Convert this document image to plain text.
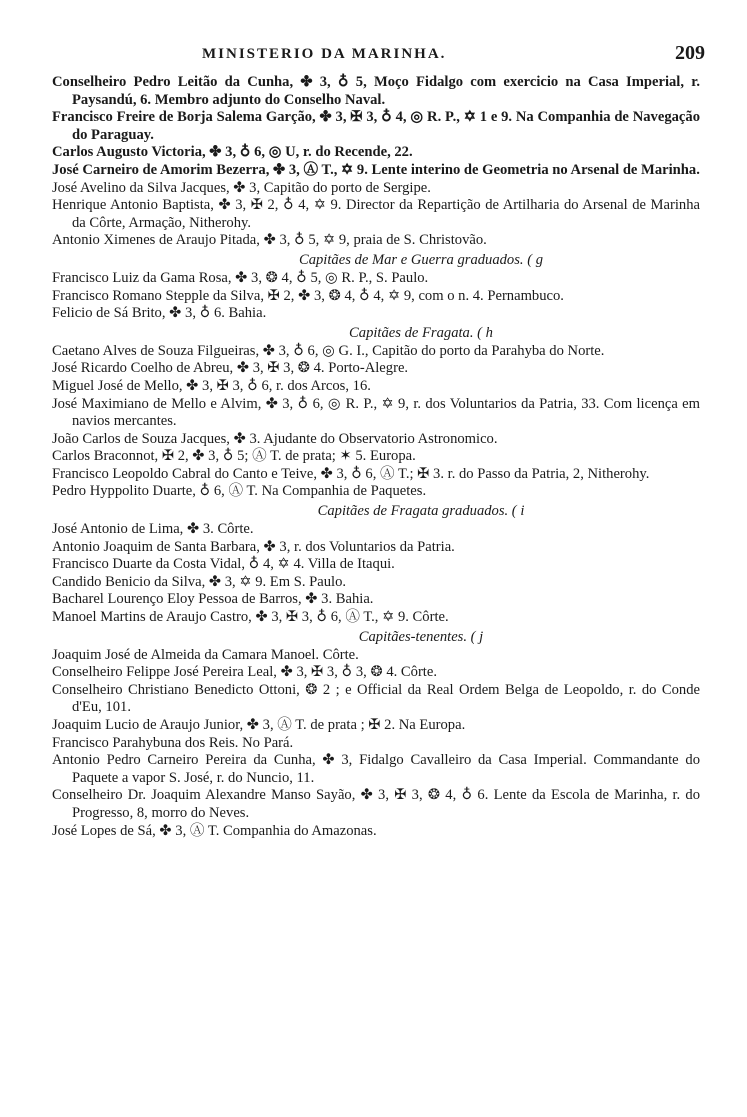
MINISTERIO DA MARINHA.	209
Conselheiro Pedro Leitão da Cunha, ✤ 3, ♁ 5, Moço Fidalgo com exercicio na Casa Imperial, r. Paysandú, 6. Membro adjunto do Conselho Naval.
Francisco Freire de Borja Salema Garção, ✤ 3, ✠ 3, ♁ 4, ◎ R. P., ✡ 1 e 9. Na Companhia de Navegação do Paraguay.
Carlos Augusto Victoria, ✤ 3, ♁ 6, ◎ U, r. do Recende, 22.
José Carneiro de Amorim Bezerra, ✤ 3, Ⓐ T., ✡ 9. Lente interino de Geometria no Arsenal de Marinha.
José Avelino da Silva Jacques, ✤ 3, Capitão do porto de Sergipe.
Henrique Antonio Baptista, ✤ 3, ✠ 2, ♁ 4, ✡ 9. Director da Repartição de Artilharia do Arsenal de Marinha da Côrte, Armação, Nitherohy.
Antonio Ximenes de Araujo Pitada, ✤ 3, ♁ 5, ✡ 9, praia de S. Christovão.
Capitães de Mar e Guerra graduados. ( g
Francisco Luiz da Gama Rosa, ✤ 3, ❂ 4, ♁ 5, ◎ R. P., S. Paulo.
Francisco Romano Stepple da Silva, ✠ 2, ✤ 3, ❂ 4, ♁ 4, ✡ 9, com o n. 4. Pernambuco.
Felicio de Sá Brito, ✤ 3, ♁ 6. Bahia.
Capitães de Fragata. ( h
Caetano Alves de Souza Filgueiras, ✤ 3, ♁ 6, ◎ G. I., Capitão do porto da Parahyba do Norte.
José Ricardo Coelho de Abreu, ✤ 3, ✠ 3, ❂ 4. Porto-Alegre.
Miguel José de Mello, ✤ 3, ✠ 3, ♁ 6, r. dos Arcos, 16.
José Maximiano de Mello e Alvim, ✤ 3, ♁ 6, ◎ R. P., ✡ 9, r. dos Voluntarios da Patria, 33. Com licença em navios mercantes.
João Carlos de Souza Jacques, ✤ 3. Ajudante do Observatorio Astronomico.
Carlos Braconnot, ✠ 2, ✤ 3, ♁ 5; Ⓐ T. de prata; ✶ 5. Europa.
Francisco Leopoldo Cabral do Canto e Teive, ✤ 3, ♁ 6, Ⓐ T.; ✠ 3. r. do Passo da Patria, 2, Nitherohy.
Pedro Hyppolito Duarte, ♁ 6, Ⓐ T. Na Companhia de Paquetes.
Capitães de Fragata graduados. ( i
José Antonio de Lima, ✤ 3. Côrte.
Antonio Joaquim de Santa Barbara, ✤ 3, r. dos Voluntarios da Patria.
Francisco Duarte da Costa Vidal, ♁ 4, ✡ 4. Villa de Itaqui.
Candido Benicio da Silva, ✤ 3, ✡ 9. Em S. Paulo.
Bacharel Lourenço Eloy Pessoa de Barros, ✤ 3. Bahia.
Manoel Martins de Araujo Castro, ✤ 3, ✠ 3, ♁ 6, Ⓐ T., ✡ 9. Côrte.
Capitães-tenentes. ( j
Joaquim José de Almeida da Camara Manoel. Côrte.
Conselheiro Felippe José Pereira Leal, ✤ 3, ✠ 3, ♁ 3, ❂ 4. Côrte.
Conselheiro Christiano Benedicto Ottoni, ❂ 2 ; e Official da Real Ordem Belga de Leopoldo, r. do Conde d'Eu, 101.
Joaquim Lucio de Araujo Junior, ✤ 3, Ⓐ T. de prata ; ✠ 2. Na Europa.
Francisco Parahybuna dos Reis. No Pará.
Antonio Pedro Carneiro Pereira da Cunha, ✤ 3, Fidalgo Cavalleiro da Casa Imperial. Commandante do Paquete a vapor S. José, r. do Nuncio, 11.
Conselheiro Dr. Joaquim Alexandre Manso Sayão, ✤ 3, ✠ 3, ❂ 4, ♁ 6. Lente da Escola de Marinha, r. do Progresso, 8, morro do Neves.
José Lopes de Sá, ✤ 3, Ⓐ T. Companhia do Amazonas.
